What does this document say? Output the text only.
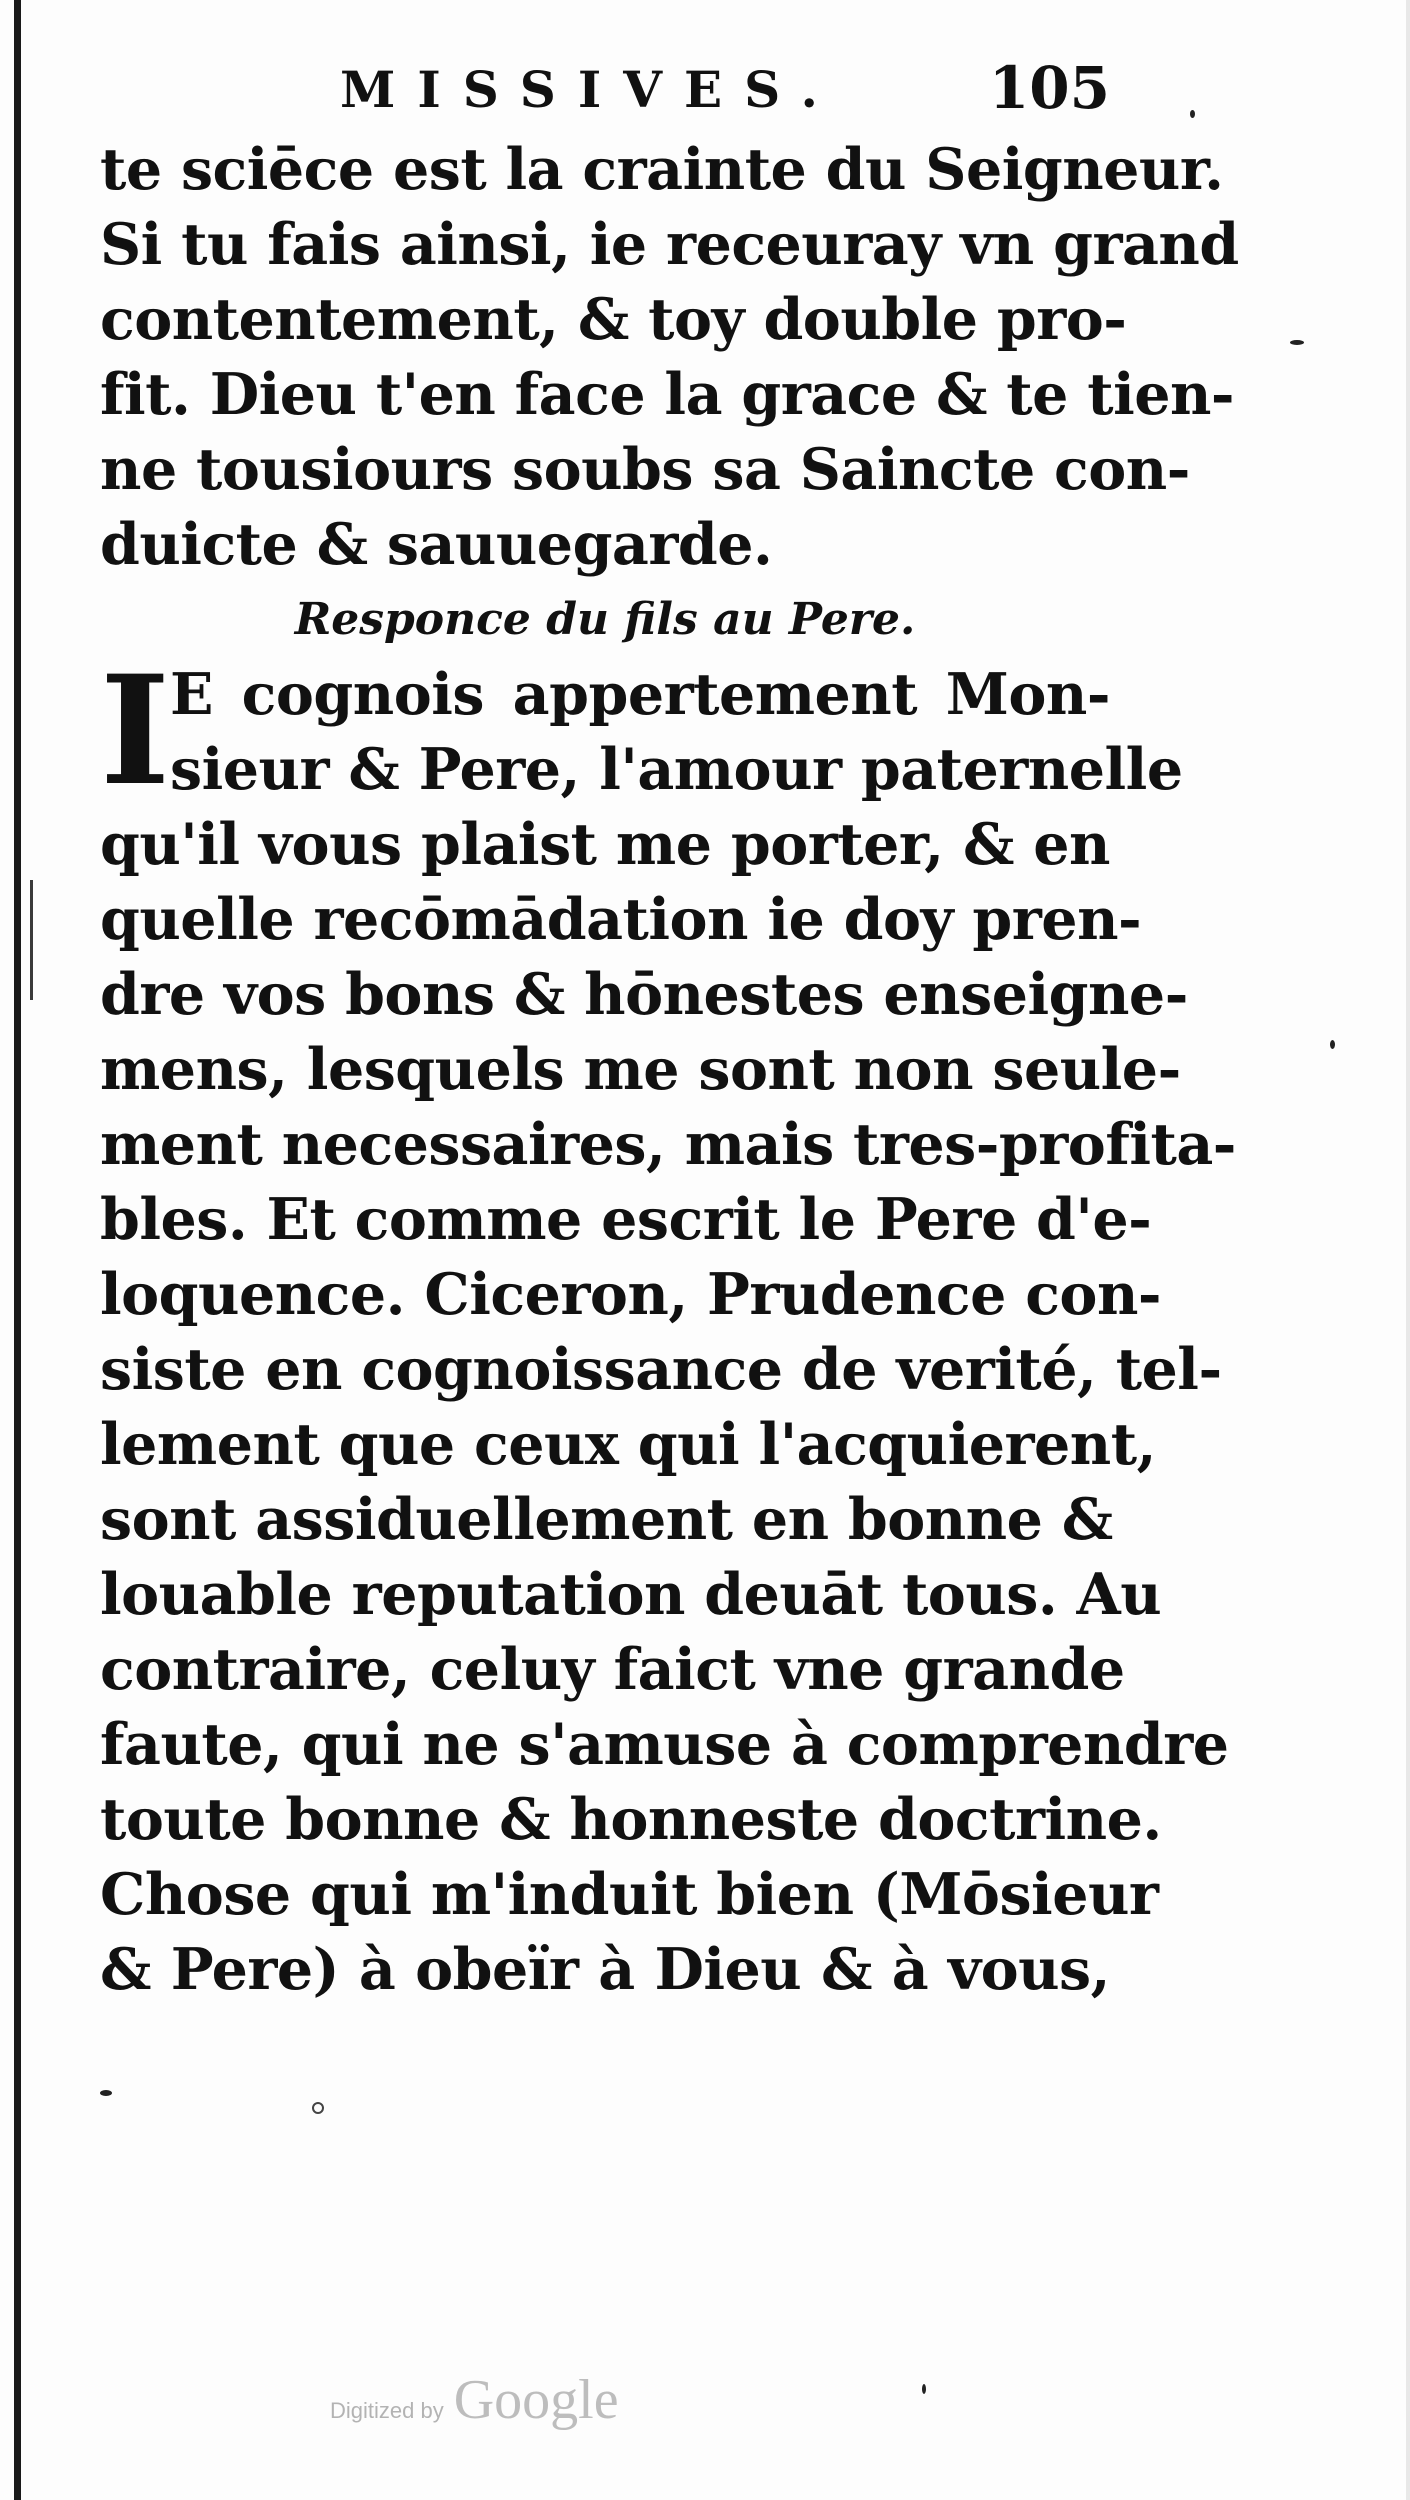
MISSIVES.	105
te sciēce est la crainte du Seigneur.
Si tu fais ainsi, ie receuray vn grand
contentement, & toy double pro-
fit. Dieu t'en face la grace & te tien-
ne tousiours soubs sa Saincte con-
duicte & sauuegarde.
Responce du fils au Pere.
I E cognois appertement Mon-
sieur & Pere, l'amour paternelle
qu'il vous plaist me porter, & en
quelle recōmādation ie doy pren-
dre vos bons & hōnestes enseigne-
mens, lesquels me sont non seule-
ment necessaires, mais tres-profita-
bles. Et comme escrit le Pere d'e-
loquence. Ciceron, Prudence con-
siste en cognoissance de verité, tel-
lement que ceux qui l'acquierent,
sont assiduellement en bonne &
louable reputation deuāt tous. Au
contraire, celuy faict vne grande
faute, qui ne s'amuse à comprendre
toute bonne & honneste doctrine.
Chose qui m'induit bien (Mōsieur
& Pere) à obeïr à Dieu & à vous,
Digitized by Google
